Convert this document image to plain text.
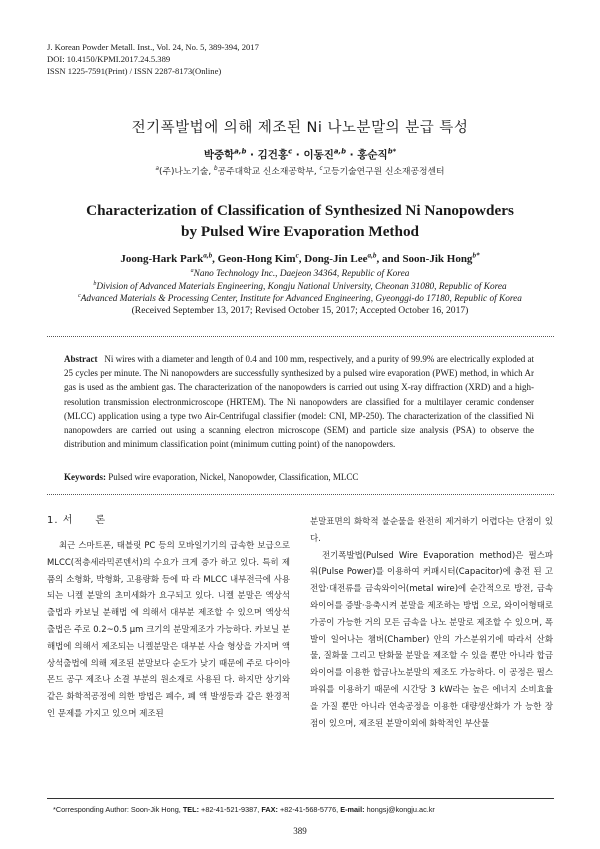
J. Korean Powder Metall. Inst., Vol. 24, No. 5, 389-394, 2017
DOI: 10.4150/KPMI.2017.24.5.389
ISSN 1225-7591(Print) / ISSN 2287-8173(Online)
전기폭발법에 의해 제조된 Ni 나노분말의 분급 특성
박중학$^{a,b}$ · 김건홍$^c$ · 이동진$^{a,b}$ · 홍순직$^{b*}$
$^a$(주)나노기술, $^b$공주대학교 신소재공학부, $^c$고등기술연구원 신소재공정센터
Characterization of Classification of Synthesized Ni Nanopowders
by Pulsed Wire Evaporation Method
Joong-Hark Park$^{a,b}$, Geon-Hong Kim$^c$, Dong-Jin Lee$^{a,b}$, and Soon-Jik Hong$^{b*}$
$^a$Nano Technology Inc., Daejeon 34364, Republic of Korea
$^b$Division of Advanced Materials Engineering, Kongju National University, Cheonan 31080, Republic of Korea
$^c$Advanced Materials & Processing Center, Institute for Advanced Engineering, Gyeonggi-do 17180, Republic of Korea
(Received September 13, 2017; Revised October 15, 2017; Accepted October 16, 2017)
Abstract Ni wires with a diameter and length of 0.4 and 100 mm, respectively, and a purity of 99.9% are electrically exploded at 25 cycles per minute. The Ni nanopowders are successfully synthesized by a pulsed wire evaporation (PWE) method, in which Ar gas is used as the ambient gas. The characterization of the nanopowders is carried out using X-ray diffraction (XRD) and a high-resolution transmission electronmicroscope (HRTEM). The Ni nanopowders are classified for a multilayer ceramic condenser (MLCC) application using a type two Air-Centrifugal classifier (model: CNI, MP-250). The characterization of the classified Ni nanopowders are carried out using a scanning electron microscope (SEM) and particle size analysis (PSA) to observe the distribution and minimum classification point (minimum cutting point) of the nanopowders.
Keywords: Pulsed wire evaporation, Nickel, Nanopowder, Classification, MLCC

1. 서　　론

최근 스마트폰, 태블릿 PC 등의 모바일기기의 급속한 보급으로 MLCC(적층세라믹콘덴서)의 수요가 크게 증가 하고 있다. 특히 제품의 소형화, 박형화, 고용량화 등에 따 라 MLCC 내부전극에 사용되는 니켈 분말의 초미세화가 요구되고 있다. 니켈 분말은 액상석출법과 카보닐 분해법 에 의해서 대부분 제조할 수 있으며 액상석출법은 주로 0.2~0.5 μm 크기의 분말제조가 가능하다. 카보닐 분해법에 의해서 제조되는 니켈분말은 대부분 사슬 형상을 가지며 액상석출법에 의해 제조된 분말보다 순도가 낮기 때문에 주로 다이아몬드 공구 제조나 소결 부분의 원소재로 사용된 다. 하지만 상기와 같은 화학적공정에 의한 방법은 폐수, 폐 액 발생등과 같은 환경적인 문제를 가지고 있으며 제조된

분말표면의 화학적 불순물을 완전히 제거하기 어렵다는 단점이 있다.

전기폭발법(Pulsed Wire Evaporation method)은 펄스파 워(Pulse Power)를 이용하여 커패시터(Capacitor)에 충전 된 고전압·대전류를 금속와이어(metal wire)에 순간적으로 방전, 금속와이어를 증발·응축시켜 분말을 제조하는 방법 으로, 와이어형태로 가공이 가능한 거의 모든 금속을 나노 분말로 제조할 수 있으며, 폭발이 일어나는 챔버(Chamber) 안의 가스분위기에 따라서 산화물, 질화물 그리고 탄화물 분말을 제조할 수 있을 뿐만 아니라 합금와이어를 이용한 합금나노분말의 제조도 가능하다. 이 공정은 펄스파워를 이용하기 때문에 시간당 3 kW라는 높은 에너지 소비효율 을 가질 뿐만 아니라 연속공정을 이용한 대량생산화가 가 능한 장점이 있으며, 제조된 분말이외에 화학적인 부산물

*Corresponding Author: Soon-Jik Hong, TEL: +82-41-521-9387, FAX: +82-41-568-5776, E-mail: hongsj@kongju.ac.kr
389
